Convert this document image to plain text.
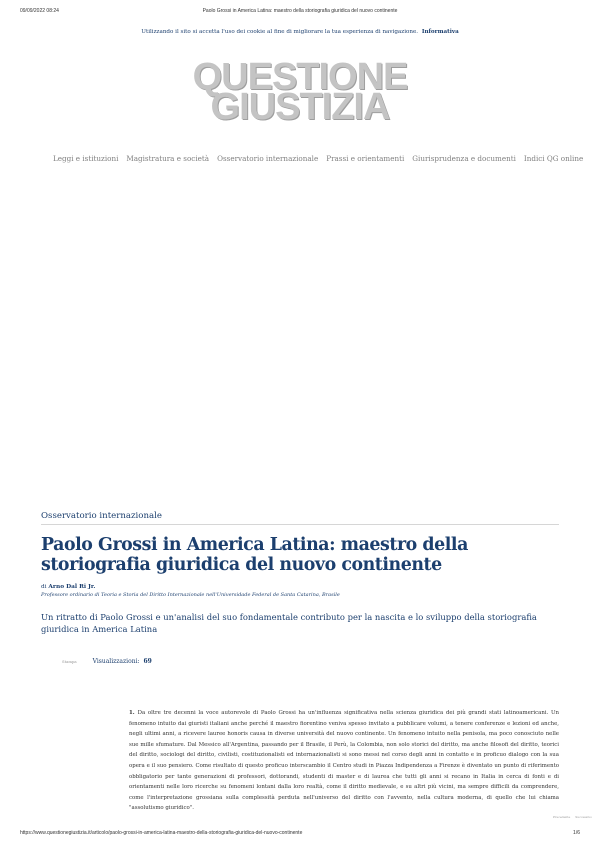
09/09/2022 08:24	Paolo Grossi in America Latina: maestro della storiografia giuridica del nuovo continente
Utilizzando il sito si accetta l'uso dei cookie al fine di migliorare la tua esperienza di navigazione. Informativa
QUESTIONE
GIUSTIZIA
Leggi e istituzioni Magistratura e società Osservatorio internazionale Prassi e orientamenti Giurisprudenza e documenti Indici QG online
Osservatorio internazionale
Paolo Grossi in America Latina: maestro della storiografia giuridica del nuovo continente
di Arno Dal Ri Jr.
Professore ordinario di Teoria e Storia del Diritto Internazionale nell'Universidade Federal de Santa Catarina, Brasile

Un ritratto di Paolo Grossi e un'analisi del suo fondamentale contributo per la nascita e lo sviluppo della storiografia giuridica in America Latina

Stampa	Visualizzazioni: 69
1. Da oltre tre decenni la voce autorevole di Paolo Grossi ha un'influenza significativa nella scienza giuridica dei più grandi stati latinoamericani. Un fenomeno intuito dai giuristi italiani anche perché il maestro fiorentino veniva spesso invitato a pubblicare volumi, a tenere conferenze e lezioni ed anche, negli ultimi anni, a ricevere lauree honoris causa in diverse università del nuovo continente. Un fenomeno intuito nella penisola, ma poco conosciuto nelle sue mille sfumature. Dal Messico all'Argentina, passando per il Brasile, il Perù, la Colombia, non solo storici del diritto, ma anche filosofi del diritto, teorici del diritto, sociologi del diritto, civilisti, costituzionalisti ed internazionalisti si sono messi nel corso degli anni in contatto e in proficuo dialogo con la sua opera e il suo pensiero. Come risultato di questo proficuo interscambio il Centro studi in Piazza Indipendenza a Firenze è diventato un punto di riferimento obbligatorio per tante generazioni di professori, dottorandi, studenti di master e di laurea che tutti gli anni si recano in Italia in cerca di fonti e di orientamenti nelle loro ricerche su fenomeni lontani dalla loro realtà, come il diritto medievale, e su altri più vicini, ma sempre difficili da comprendere, come l'interpretazione grossiana sulla complessità perduta nell'universo del diritto con l'avvento, nella cultura moderna, di quello che lui chiama "assolutismo giuridico".
Precedente Successivo
https://www.questionegiustizia.it/articolo/paolo-grossi-in-america-latina-maestro-della-storiografia-giuridica-del-nuovo-continente	1/6
